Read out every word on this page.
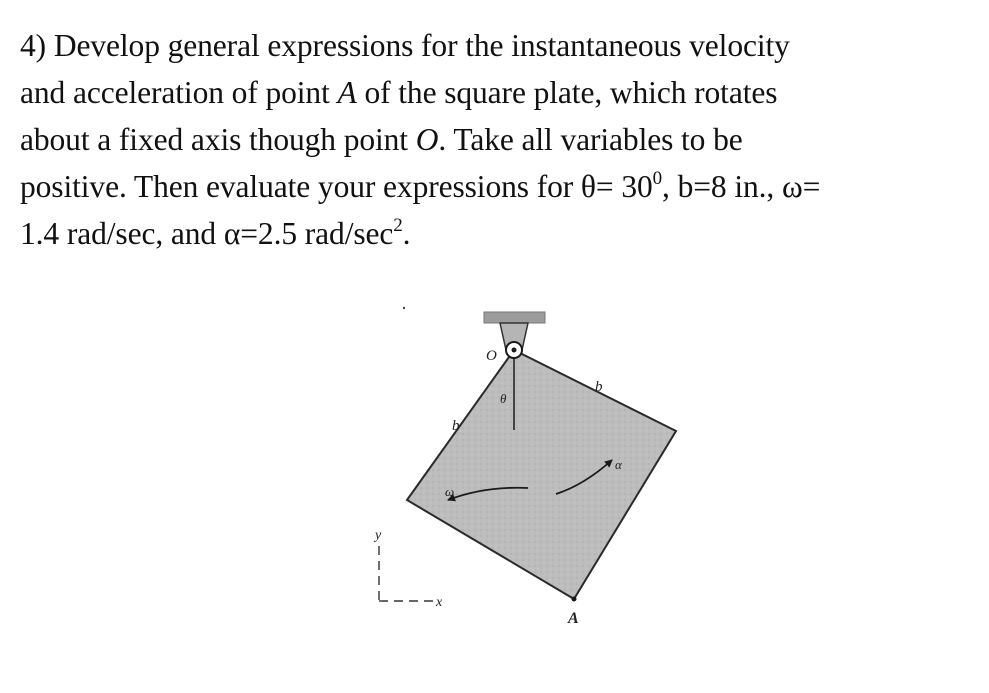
4) Develop general expressions for the instantaneous velocity
and acceleration of point A of the square plate, which rotates
about a fixed axis though point O. Take all variables to be
positive. Then evaluate your expressions for $\theta= 30^0$, b=8 in., ω=
1.4 rad/sec, and α=2.5 rad/$\sec^2$.

O
θ
b
b
ω
α
A
y
x
